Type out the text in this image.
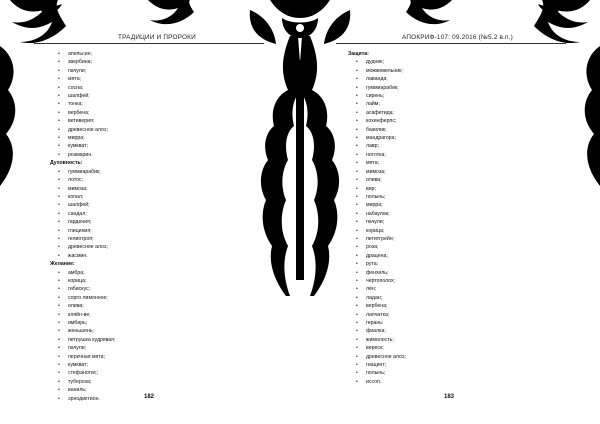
ТРАДИЦИИ И ПРОРОКИ
• апельсин;
• звербина;
• пачули;
• мята;
• сосна;
• шалфей;
• тонка;
• вербена;
• ветиверия;
• древесное алоэ;
• мирра;
• кумкват;
• розмарин.
Духовность:
• гуммиарабик;
• лотос;
• мимоза;
• копал;
• шалфей;
• сандал;
• гардения;
• глициния;
• гелиотроп;
• древесное алоэ;
• жасмин.
Желание:
• амбра;
• корица;
• гибискус;
• сорго лимонное;
• олива;
• кляйн-ве;
• имбирь;
• женьшень;
• петрушка кудрявая;
• пачули;
• перечная мята;
• кумкват;
• стефанотис;
• тубероза;
• ваниль;
• эрнодиктион.	182
АПОКРИФ-107: 09.2016 (№5.2 в.п.)
Защита:
• дудник;
• можжевельник;
• лаванда;
• гуммиарабик;
• сирень;
• лайм;
• асафетида;
• кохинферпс;
• базилик;
• мандрагора;
• лавр;
• нототка;
• мята;
• мимоза;
• олива;
• вир;
• полынь;
• мирра;
• набаулак;
• пачули;
• корица;
• петитгрейн;
• роза;
• драцена;
• рута;
• фенхель;
• чертополох;
• лён;
• ладан;
• вербена;
• лапчатка;
• герань;
• фиалка;
• жимолость;
• вереск;
• древесное алоэ;
• гиацинт;
• полынь;
• иссоп.
183
